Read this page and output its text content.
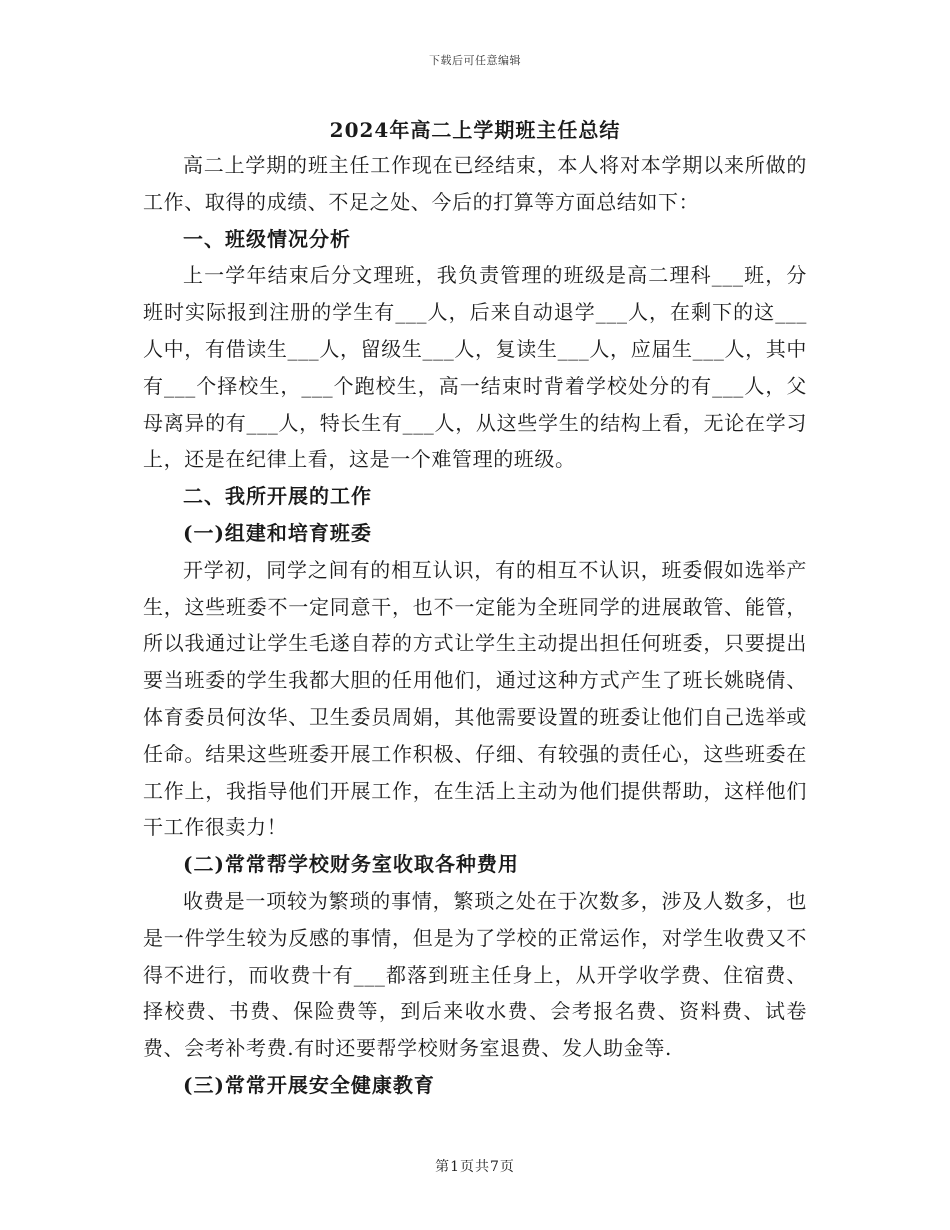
下载后可任意编辑
2024年高二上学期班主任总结

高二上学期的班主任工作现在已经结束，本人将对本学期以来所做的工作、取得的成绩、不足之处、今后的打算等方面总结如下：

一、班级情况分析

上一学年结束后分文理班，我负责管理的班级是高二理科___班，分班时实际报到注册的学生有___人，后来自动退学___人，在剩下的这___人中，有借读生___人，留级生___人，复读生___人，应届生___人，其中有___个择校生，___个跑校生，高一结束时背着学校处分的有___人，父母离异的有___人，特长生有___人，从这些学生的结构上看，无论在学习上，还是在纪律上看，这是一个难管理的班级。

二、我所开展的工作

(一)组建和培育班委

开学初，同学之间有的相互认识，有的相互不认识，班委假如选举产生，这些班委不一定同意干，也不一定能为全班同学的进展敢管、能管，所以我通过让学生毛遂自荐的方式让学生主动提出担任何班委，只要提出要当班委的学生我都大胆的任用他们，通过这种方式产生了班长姚晓倩、体育委员何汝华、卫生委员周娟，其他需要设置的班委让他们自己选举或任命。结果这些班委开展工作积极、仔细、有较强的责任心，这些班委在工作上，我指导他们开展工作，在生活上主动为他们提供帮助，这样他们干工作很卖力！

(二)常常帮学校财务室收取各种费用

收费是一项较为繁琐的事情，繁琐之处在于次数多，涉及人数多，也是一件学生较为反感的事情，但是为了学校的正常运作，对学生收费又不得不进行，而收费十有___都落到班主任身上，从开学收学费、住宿费、择校费、书费、保险费等，到后来收水费、会考报名费、资料费、试卷费、会考补考费.有时还要帮学校财务室退费、发人助金等.

(三)常常开展安全健康教育

第1页共7页
